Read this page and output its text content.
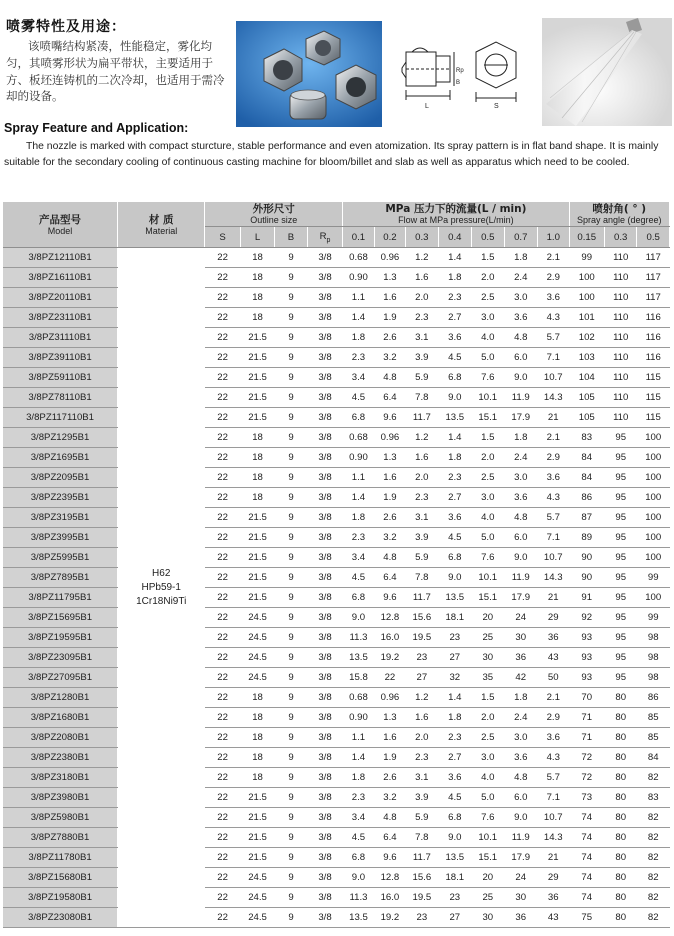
喷雾特性及用途：
该喷嘴结构紧凑，性能稳定，雾化均匀，其喷雾形状为扁平带状，主要适用于方、板坯连铸机的二次冷却，也适用于需冷却的设备。
L
Rp
B
S
Spray Feature and Application:
The nozzle is marked with compact sturcture, stable performance and even atomization. Its spray pattern is in flat band shape. It is mainly suitable for the secondary cooling of continuous casting machine for bloom/billet and slab as well as apparatus which need to be cooled.
产品型号
Model	材 质
Material	外形尺寸
Outline size				MPa 压力下的流量(L / min)
Flow at MPa pressure(L/min)							喷射角( ° )
Spray angle (degree)		

		S	L	B	$R_p$	0.1	0.2	0.3	0.4	0.5	0.7	1.0	0.15	0.3	0.5
3/8PZ12110B1	H62
HPb59-1
1Cr18Ni9Ti	22	18	9	3/8	0.68	0.96	1.2	1.4	1.5	1.8	2.1	99	110	117
3/8PZ16110B1		22	18	9	3/8	0.90	1.3	1.6	1.8	2.0	2.4	2.9	100	110	117
3/8PZ20110B1		22	18	9	3/8	1.1	1.6	2.0	2.3	2.5	3.0	3.6	100	110	117
3/8PZ23110B1		22	18	9	3/8	1.4	1.9	2.3	2.7	3.0	3.6	4.3	101	110	116
3/8PZ31110B1		22	21.5	9	3/8	1.8	2.6	3.1	3.6	4.0	4.8	5.7	102	110	116
3/8PZ39110B1		22	21.5	9	3/8	2.3	3.2	3.9	4.5	5.0	6.0	7.1	103	110	116
3/8PZ59110B1		22	21.5	9	3/8	3.4	4.8	5.9	6.8	7.6	9.0	10.7	104	110	115
3/8PZ78110B1		22	21.5	9	3/8	4.5	6.4	7.8	9.0	10.1	11.9	14.3	105	110	115
3/8PZ117110B1		22	21.5	9	3/8	6.8	9.6	11.7	13.5	15.1	17.9	21	105	110	115
3/8PZ1295B1		22	18	9	3/8	0.68	0.96	1.2	1.4	1.5	1.8	2.1	83	95	100
3/8PZ1695B1		22	18	9	3/8	0.90	1.3	1.6	1.8	2.0	2.4	2.9	84	95	100
3/8PZ2095B1		22	18	9	3/8	1.1	1.6	2.0	2.3	2.5	3.0	3.6	84	95	100
3/8PZ2395B1		22	18	9	3/8	1.4	1.9	2.3	2.7	3.0	3.6	4.3	86	95	100
3/8PZ3195B1		22	21.5	9	3/8	1.8	2.6	3.1	3.6	4.0	4.8	5.7	87	95	100
3/8PZ3995B1		22	21.5	9	3/8	2.3	3.2	3.9	4.5	5.0	6.0	7.1	89	95	100
3/8PZ5995B1		22	21.5	9	3/8	3.4	4.8	5.9	6.8	7.6	9.0	10.7	90	95	100
3/8PZ7895B1		22	21.5	9	3/8	4.5	6.4	7.8	9.0	10.1	11.9	14.3	90	95	99
3/8PZ11795B1		22	21.5	9	3/8	6.8	9.6	11.7	13.5	15.1	17.9	21	91	95	100
3/8PZ15695B1		22	24.5	9	3/8	9.0	12.8	15.6	18.1	20	24	29	92	95	99
3/8PZ19595B1		22	24.5	9	3/8	11.3	16.0	19.5	23	25	30	36	93	95	98
3/8PZ23095B1		22	24.5	9	3/8	13.5	19.2	23	27	30	36	43	93	95	98
3/8PZ27095B1		22	24.5	9	3/8	15.8	22	27	32	35	42	50	93	95	98
3/8PZ1280B1		22	18	9	3/8	0.68	0.96	1.2	1.4	1.5	1.8	2.1	70	80	86
3/8PZ1680B1		22	18	9	3/8	0.90	1.3	1.6	1.8	2.0	2.4	2.9	71	80	85
3/8PZ2080B1		22	18	9	3/8	1.1	1.6	2.0	2.3	2.5	3.0	3.6	71	80	85
3/8PZ2380B1		22	18	9	3/8	1.4	1.9	2.3	2.7	3.0	3.6	4.3	72	80	84
3/8PZ3180B1		22	18	9	3/8	1.8	2.6	3.1	3.6	4.0	4.8	5.7	72	80	82
3/8PZ3980B1		22	21.5	9	3/8	2.3	3.2	3.9	4.5	5.0	6.0	7.1	73	80	83
3/8PZ5980B1		22	21.5	9	3/8	3.4	4.8	5.9	6.8	7.6	9.0	10.7	74	80	82
3/8PZ7880B1		22	21.5	9	3/8	4.5	6.4	7.8	9.0	10.1	11.9	14.3	74	80	82
3/8PZ11780B1		22	21.5	9	3/8	6.8	9.6	11.7	13.5	15.1	17.9	21	74	80	82
3/8PZ15680B1		22	24.5	9	3/8	9.0	12.8	15.6	18.1	20	24	29	74	80	82
3/8PZ19580B1		22	24.5	9	3/8	11.3	16.0	19.5	23	25	30	36	74	80	82
3/8PZ23080B1		22	24.5	9	3/8	13.5	19.2	23	27	30	36	43	75	80	82
